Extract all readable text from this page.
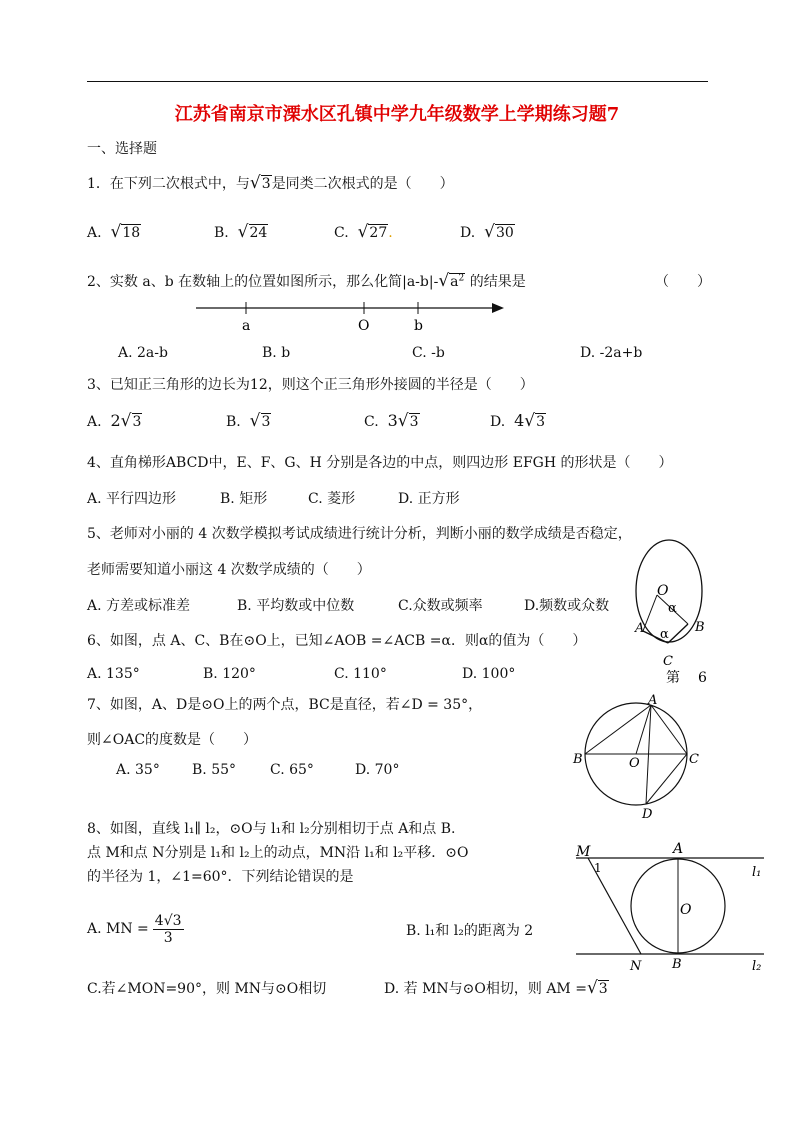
江苏省南京市溧水区孔镇中学九年级数学上学期练习题7
一、选择题
1．在下列二次根式中，与√3是同类二次根式的是（　　）
A. √18	B. √24	C. √27.	D. √30
2、实数 a、b 在数轴上的位置如图所示，那么化简$|a-b|-√a^2$ 的结果是	（　　）
a	O	b
A. 2a-b	B. b	C. -b	D. -2a+b
3、已知正三角形的边长为12，则这个正三角形外接圆的半径是（　　）
A. 2√3	B. √3	C. 3√3	D. 4√3
4、直角梯形ABCD中，E、F、G、H 分别是各边的中点，则四边形 EFGH 的形状是（　　）
A. 平行四边形	B. 矩形	C. 菱形	D. 正方形
5、老师对小丽的 4 次数学模拟考试成绩进行统计分析，判断小丽的数学成绩是否稳定，
老师需要知道小丽这 4 次数学成绩的（　　）
A. 方差或标准差	B. 平均数或中位数	C.众数或频率	D.频数或众数
O
α
A α B
C
第 6
6、如图，点 A、C、B在⊙O上，已知∠AOB =∠ACB =α．则α的值为（　　）
A. 135°	B. 120°	C. 110°	D. 100°
7、如图，A、D是⊙O上的两个点，BC是直径，若∠D = 35°，
则∠OAC的度数是（　　）
A. 35° B. 55° C. 65°	D. 70°
A
B	C
O
D
8、如图，直线 l₁∥ l₂，⊙O与 l₁和 l₂分别相切于点 A和点 B.
点 M和点 N分别是 l₁和 l₂上的动点，MN沿 l₁和 l₂平移．⊙O
的半径为 1，∠1=60°．下列结论错误的是
A. MN = $\frac{4√3}{3}$	B. l₁和 l₂的距离为 2
C.若∠MON=90°，则 MN与⊙O相切	D. 若 MN与⊙O相切，则 AM =√3
M	A
1	l₁
O
N B	l₂
